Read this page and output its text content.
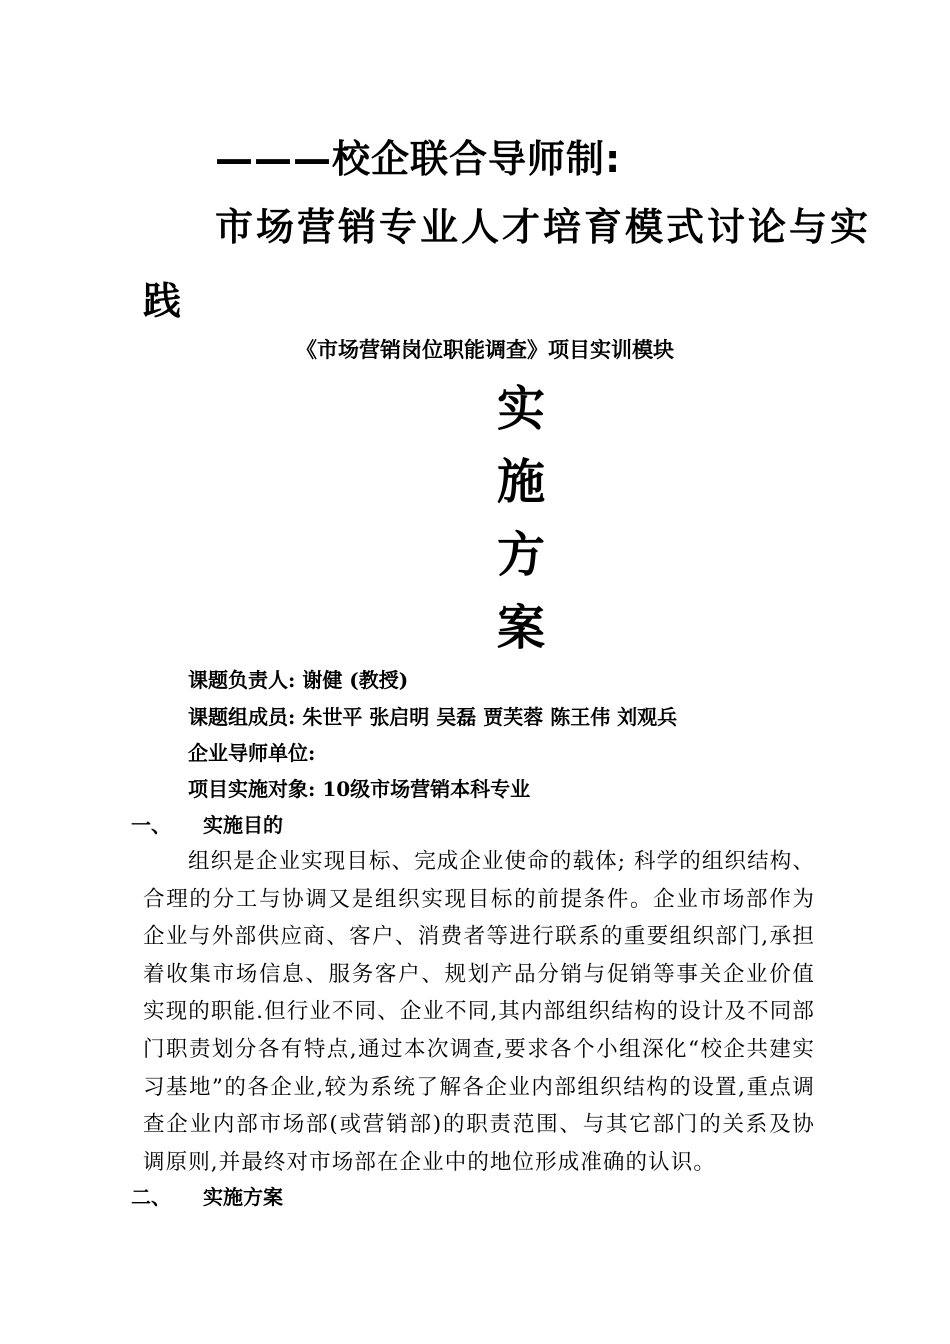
———校企联合导师制:
市场营销专业人才培育模式讨论与实
践
《市场营销岗位职能调查》项目实训模块
实
施
方
案
课题负责人: 谢健 (教授)
课题组成员: 朱世平 张启明 吴磊 贾芙蓉 陈王伟 刘观兵
企业导师单位:
项目实施对象: 10级市场营销本科专业
一、 实施目的
组织是企业实现目标、完成企业使命的载体; 科学的组织结构、合理的分工与协调又是组织实现目标的前提条件。企业市场部作为企业与外部供应商、客户、消费者等进行联系的重要组织部门,承担着收集市场信息、服务客户、规划产品分销与促销等事关企业价值实现的职能.但行业不同、企业不同,其内部组织结构的设计及不同部门职责划分各有特点,通过本次调查,要求各个小组深化“校企共建实习基地”的各企业,较为系统了解各企业内部组织结构的设置,重点调查企业内部市场部(或营销部)的职责范围、与其它部门的关系及协调原则,并最终对市场部在企业中的地位形成准确的认识。
二、 实施方案
